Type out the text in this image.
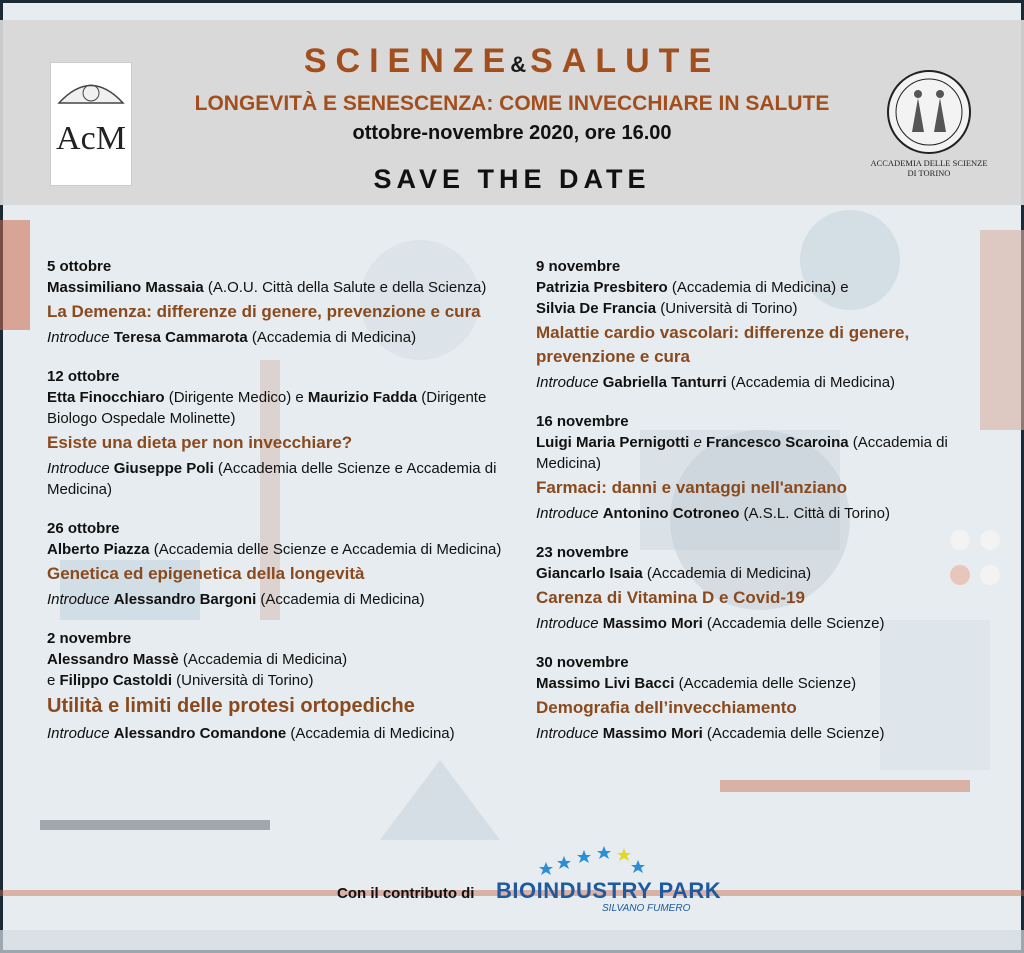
AcM
ACCADEMIA DELLE SCIENZE
DI TORINO
SCIENZE& SALUTE
LONGEVITÀ E SENESCENZA: COME INVECCHIARE IN SALUTE
ottobre-novembre 2020, ore 16.00
SAVE THE DATE
5 ottobre
Massimiliano Massaia (A.O.U. Città della Salute e della Scienza)
La Demenza: differenze di genere, prevenzione e cura
Introduce Teresa Cammarota (Accademia di Medicina)
12 ottobre
Etta Finocchiaro (Dirigente Medico) e Maurizio Fadda (Dirigente Biologo Ospedale Molinette)
Esiste una dieta per non invecchiare?
Introduce Giuseppe Poli (Accademia delle Scienze e Accademia di Medicina)
26 ottobre
Alberto Piazza (Accademia delle Scienze e Accademia di Medicina)
Genetica ed epigenetica della longevità
Introduce Alessandro Bargoni (Accademia di Medicina)
2 novembre
Alessandro Massè (Accademia di Medicina)
e Filippo Castoldi (Università di Torino)
Utilità e limiti delle protesi ortopediche
Introduce Alessandro Comandone (Accademia di Medicina)
9 novembre
Patrizia Presbitero (Accademia di Medicina) e
Silvia De Francia (Università di Torino)
Malattie cardio vascolari: differenze di genere, prevenzione e cura
Introduce Gabriella Tanturri (Accademia di Medicina)
16 novembre
Luigi Maria Pernigotti e Francesco Scaroina (Accademia di Medicina)
Farmaci: danni e vantaggi nell'anziano
Introduce Antonino Cotroneo (A.S.L. Città di Torino)
23 novembre
Giancarlo Isaia (Accademia di Medicina)
Carenza di Vitamina D e Covid-19
Introduce Massimo Mori (Accademia delle Scienze)
30 novembre
Massimo Livi Bacci (Accademia delle Scienze)
Demografia dell’invecchiamento
Introduce Massimo Mori (Accademia delle Scienze)
Con il contributo di BIOINDUSTRY PARK
SILVANO FUMERO
